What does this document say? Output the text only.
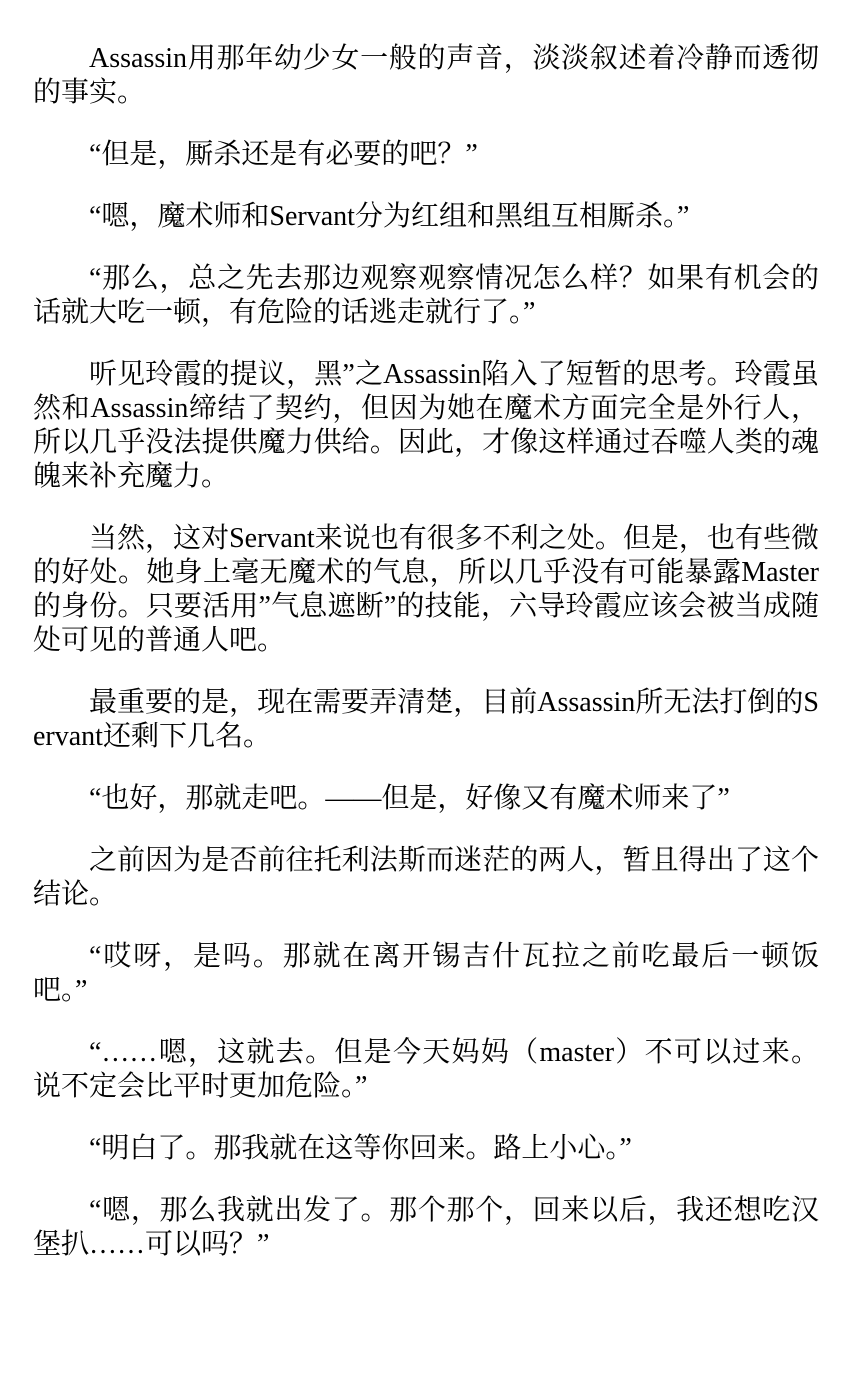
Assassin用那年幼少女一般的声音，淡淡叙述着冷静而透彻的事实。

“但是，厮杀还是有必要的吧？”

“嗯，魔术师和Servant分为红组和黑组互相厮杀。”

“那么，总之先去那边观察观察情况怎么样？如果有机会的话就大吃一顿，有危险的话逃走就行了。”

听见玲霞的提议，黑”之Assassin陷入了短暂的思考。玲霞虽然和Assassin缔结了契约，但因为她在魔术方面完全是外行人，所以几乎没法提供魔力供给。因此，才像这样通过吞噬人类的魂魄来补充魔力。

当然，这对Servant来说也有很多不利之处。但是，也有些微的好处。她身上毫无魔术的气息，所以几乎没有可能暴露Master的身份。只要活用”气息遮断”的技能，六导玲霞应该会被当成随处可见的普通人吧。

最重要的是，现在需要弄清楚，目前Assassin所无法打倒的Servant还剩下几名。

“也好，那就走吧。——但是，好像又有魔术师来了”

之前因为是否前往托利法斯而迷茫的两人，暂且得出了这个结论。

“哎呀，是吗。那就在离开锡吉什瓦拉之前吃最后一顿饭吧。”

“……嗯，这就去。但是今天妈妈（master）不可以过来。说不定会比平时更加危险。”

“明白了。那我就在这等你回来。路上小心。”

“嗯，那么我就出发了。那个那个，回来以后，我还想吃汉堡扒……可以吗？”
